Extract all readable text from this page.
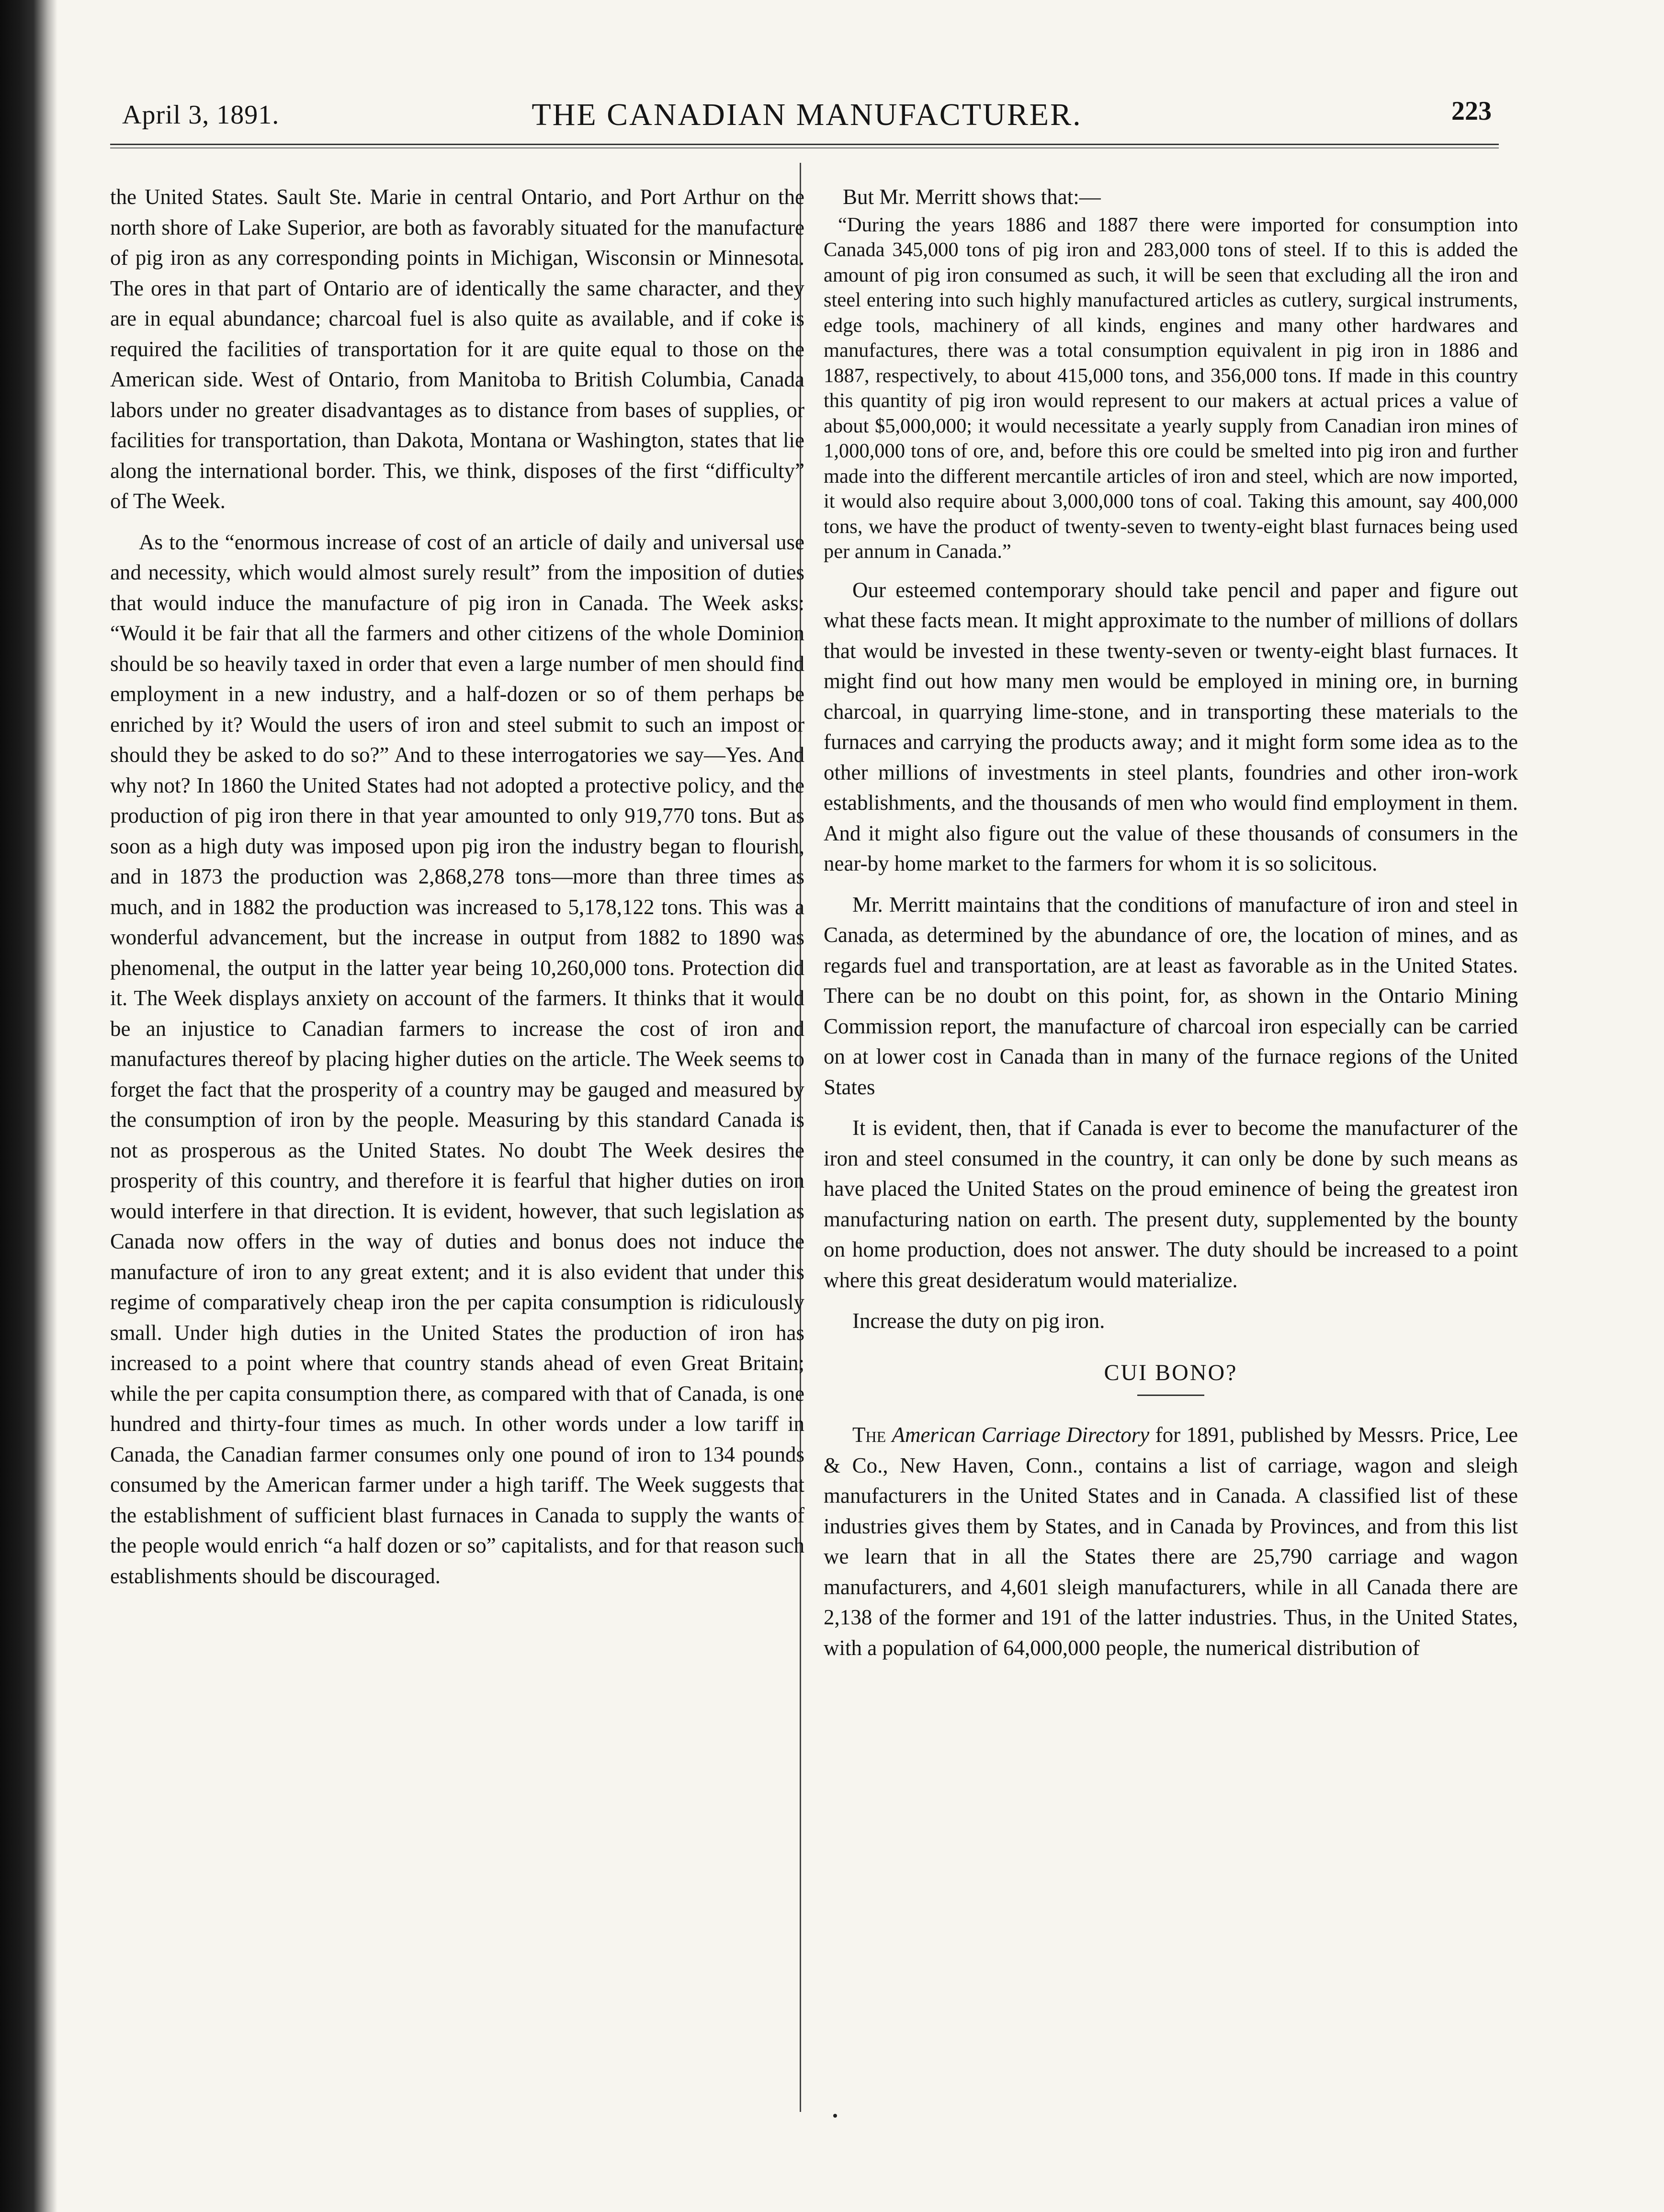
April 3, 1891.	THE CANADIAN MANUFACTURER.	223

the United States. Sault Ste. Marie in central Ontario, and Port Arthur on the north shore of Lake Superior, are both as favorably situated for the manufacture of pig iron as any corresponding points in Michigan, Wisconsin or Minnesota. The ores in that part of Ontario are of identically the same character, and they are in equal abundance; charcoal fuel is also quite as available, and if coke is required the facilities of transportation for it are quite equal to those on the American side. West of Ontario, from Manitoba to British Columbia, Canada labors under no greater disadvantages as to distance from bases of supplies, or facilities for transportation, than Dakota, Montana or Washington, states that lie along the international border. This, we think, disposes of the first “difficulty” of The Week.

As to the “enormous increase of cost of an article of daily and universal use and necessity, which would almost surely result” from the imposition of duties that would induce the manufacture of pig iron in Canada. The Week asks: “Would it be fair that all the farmers and other citizens of the whole Dominion should be so heavily taxed in order that even a large number of men should find employment in a new industry, and a half-dozen or so of them perhaps be enriched by it? Would the users of iron and steel submit to such an impost or should they be asked to do so?” And to these interrogatories we say—Yes. And why not? In 1860 the United States had not adopted a protective policy, and the production of pig iron there in that year amounted to only 919,770 tons. But as soon as a high duty was imposed upon pig iron the industry began to flourish, and in 1873 the production was 2,868,278 tons—more than three times as much, and in 1882 the production was increased to 5,178,122 tons. This was a wonderful advancement, but the increase in output from 1882 to 1890 was phenomenal, the output in the latter year being 10,260,000 tons. Protection did it. The Week displays anxiety on account of the farmers. It thinks that it would be an injustice to Canadian farmers to increase the cost of iron and manufactures thereof by placing higher duties on the article. The Week seems to forget the fact that the prosperity of a country may be gauged and measured by the consumption of iron by the people. Measuring by this standard Canada is not as prosperous as the United States. No doubt The Week desires the prosperity of this country, and therefore it is fearful that higher duties on iron would interfere in that direction. It is evident, however, that such legislation as Canada now offers in the way of duties and bonus does not induce the manufacture of iron to any great extent; and it is also evident that under this regime of comparatively cheap iron the per capita consumption is ridiculously small. Under high duties in the United States the production of iron has increased to a point where that country stands ahead of even Great Britain; while the per capita consumption there, as compared with that of Canada, is one hundred and thirty-four times as much. In other words under a low tariff in Canada, the Canadian farmer consumes only one pound of iron to 134 pounds consumed by the American farmer under a high tariff. The Week suggests that the establishment of sufficient blast furnaces in Canada to supply the wants of the people would enrich “a half dozen or so” capitalists, and for that reason such establishments should be discouraged.

But Mr. Merritt shows that:—

“During the years 1886 and 1887 there were imported for consumption into Canada 345,000 tons of pig iron and 283,000 tons of steel. If to this is added the amount of pig iron consumed as such, it will be seen that excluding all the iron and steel entering into such highly manufactured articles as cutlery, surgical instruments, edge tools, machinery of all kinds, engines and many other hardwares and manufactures, there was a total consumption equivalent in pig iron in 1886 and 1887, respectively, to about 415,000 tons, and 356,000 tons. If made in this country this quantity of pig iron would represent to our makers at actual prices a value of about $5,000,000; it would necessitate a yearly supply from Canadian iron mines of 1,000,000 tons of ore, and, before this ore could be smelted into pig iron and further made into the different mercantile articles of iron and steel, which are now imported, it would also require about 3,000,000 tons of coal. Taking this amount, say 400,000 tons, we have the product of twenty-seven to twenty-eight blast furnaces being used per annum in Canada.”

Our esteemed contemporary should take pencil and paper and figure out what these facts mean. It might approximate to the number of millions of dollars that would be invested in these twenty-seven or twenty-eight blast furnaces. It might find out how many men would be employed in mining ore, in burning charcoal, in quarrying lime-stone, and in transporting these materials to the furnaces and carrying the products away; and it might form some idea as to the other millions of investments in steel plants, foundries and other iron-work establishments, and the thousands of men who would find employment in them. And it might also figure out the value of these thousands of consumers in the near-by home market to the farmers for whom it is so solicitous.

Mr. Merritt maintains that the conditions of manufacture of iron and steel in Canada, as determined by the abundance of ore, the location of mines, and as regards fuel and transportation, are at least as favorable as in the United States. There can be no doubt on this point, for, as shown in the Ontario Mining Commission report, the manufacture of charcoal iron especially can be carried on at lower cost in Canada than in many of the furnace regions of the United States

It is evident, then, that if Canada is ever to become the manufacturer of the iron and steel consumed in the country, it can only be done by such means as have placed the United States on the proud eminence of being the greatest iron manufacturing nation on earth. The present duty, supplemented by the bounty on home production, does not answer. The duty should be increased to a point where this great desideratum would materialize.

Increase the duty on pig iron.

CUI BONO?

The American Carriage Directory for 1891, published by Messrs. Price, Lee & Co., New Haven, Conn., contains a list of carriage, wagon and sleigh manufacturers in the United States and in Canada. A classified list of these industries gives them by States, and in Canada by Provinces, and from this list we learn that in all the States there are 25,790 carriage and wagon manufacturers, and 4,601 sleigh manufacturers, while in all Canada there are 2,138 of the former and 191 of the latter industries. Thus, in the United States, with a population of 64,000,000 people, the numerical distribution of
